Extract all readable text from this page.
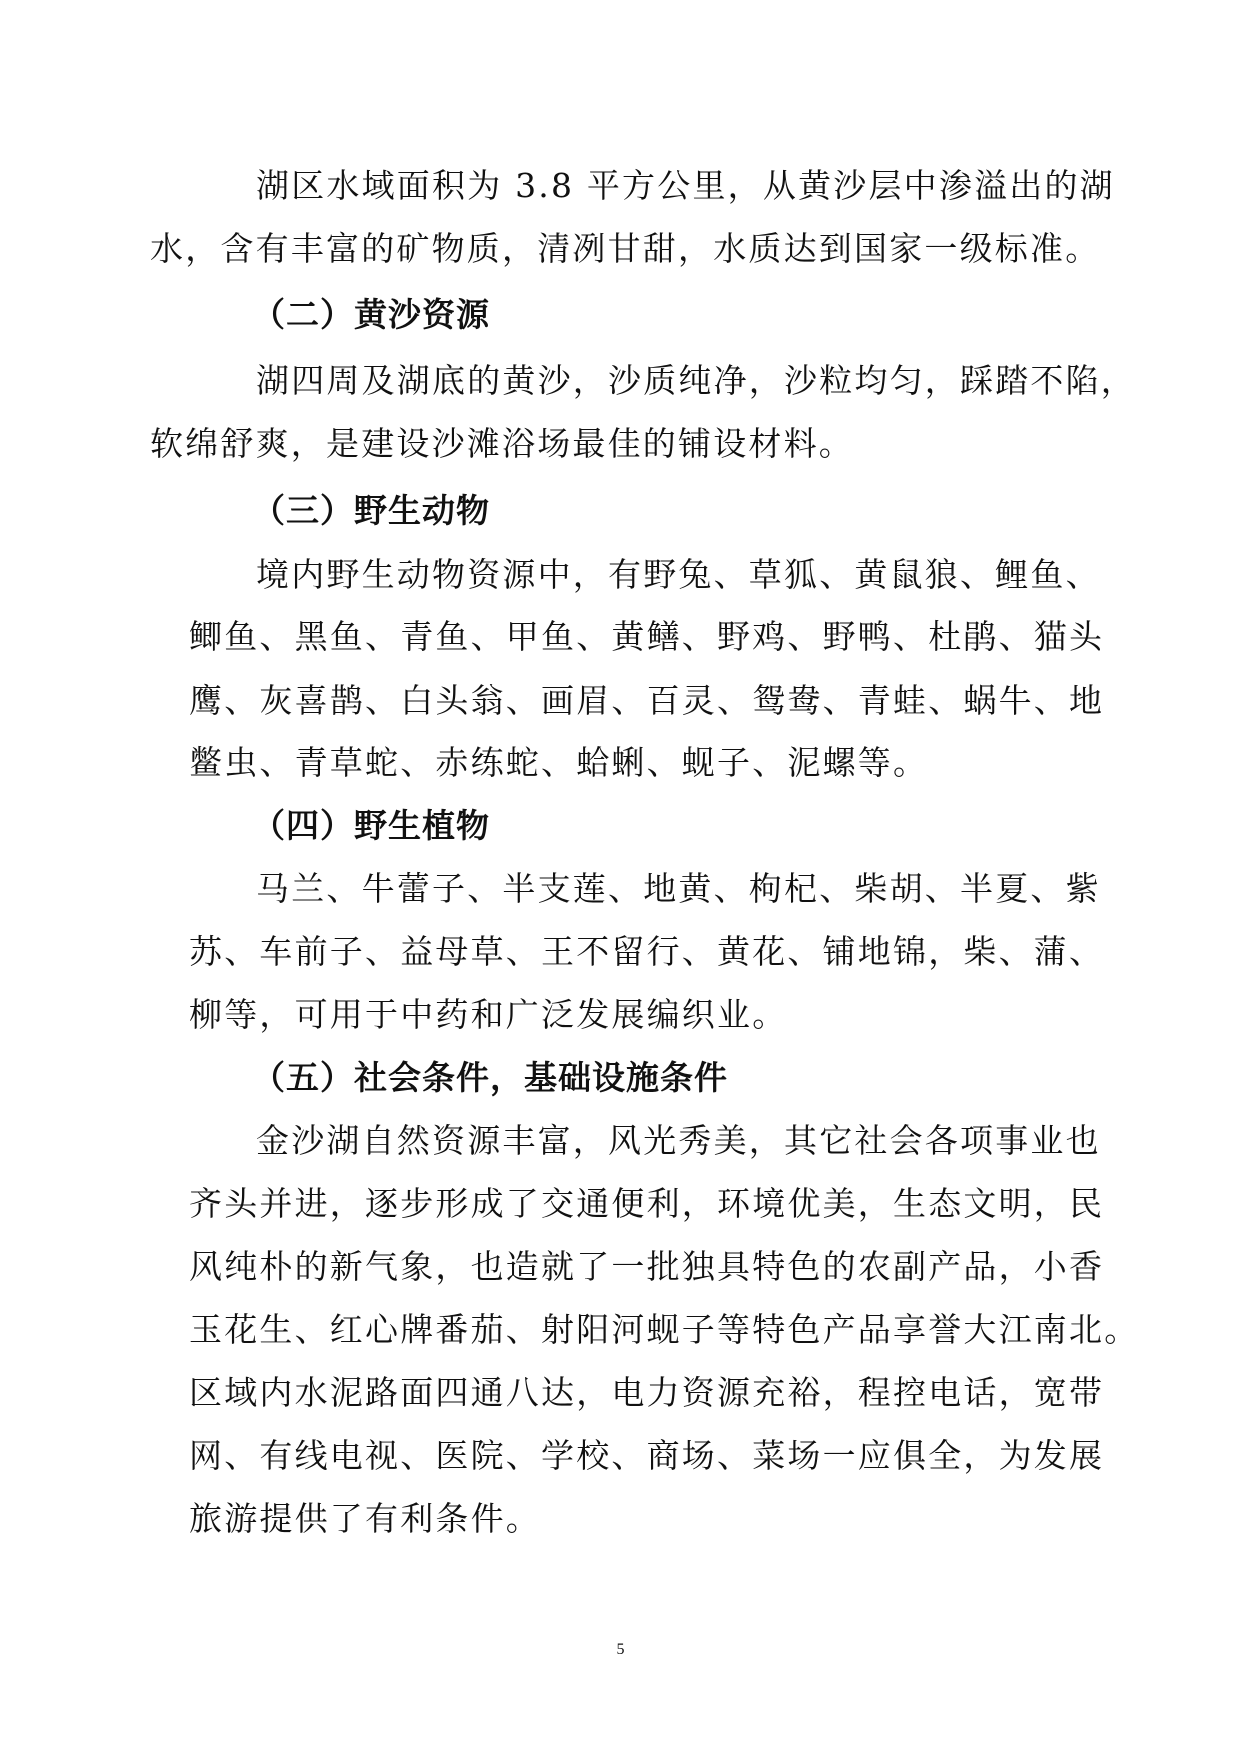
湖区水域面积为 3.8 平方公里，从黄沙层中渗溢出的湖
水，含有丰富的矿物质，清冽甘甜，水质达到国家一级标准。
（二）黄沙资源
湖四周及湖底的黄沙，沙质纯净，沙粒均匀，踩踏不陷，
软绵舒爽，是建设沙滩浴场最佳的铺设材料。
（三）野生动物
境内野生动物资源中，有野兔、草狐、黄鼠狼、鲤鱼、
鲫鱼、黑鱼、青鱼、甲鱼、黄鳝、野鸡、野鸭、杜鹃、猫头
鹰、灰喜鹊、白头翁、画眉、百灵、鸳鸯、青蛙、蜗牛、地
鳖虫、青草蛇、赤练蛇、蛤蜊、蚬子、泥螺等。
（四）野生植物
马兰、牛蕾子、半支莲、地黄、枸杞、柴胡、半夏、紫
苏、车前子、益母草、王不留行、黄花、铺地锦，柴、蒲、
柳等，可用于中药和广泛发展编织业。
（五）社会条件，基础设施条件
金沙湖自然资源丰富，风光秀美，其它社会各项事业也
齐头并进，逐步形成了交通便利，环境优美，生态文明，民
风纯朴的新气象，也造就了一批独具特色的农副产品，小香
玉花生、红心牌番茄、射阳河蚬子等特色产品享誉大江南北。
区域内水泥路面四通八达，电力资源充裕，程控电话，宽带
网、有线电视、医院、学校、商场、菜场一应俱全，为发展
旅游提供了有利条件。
5
